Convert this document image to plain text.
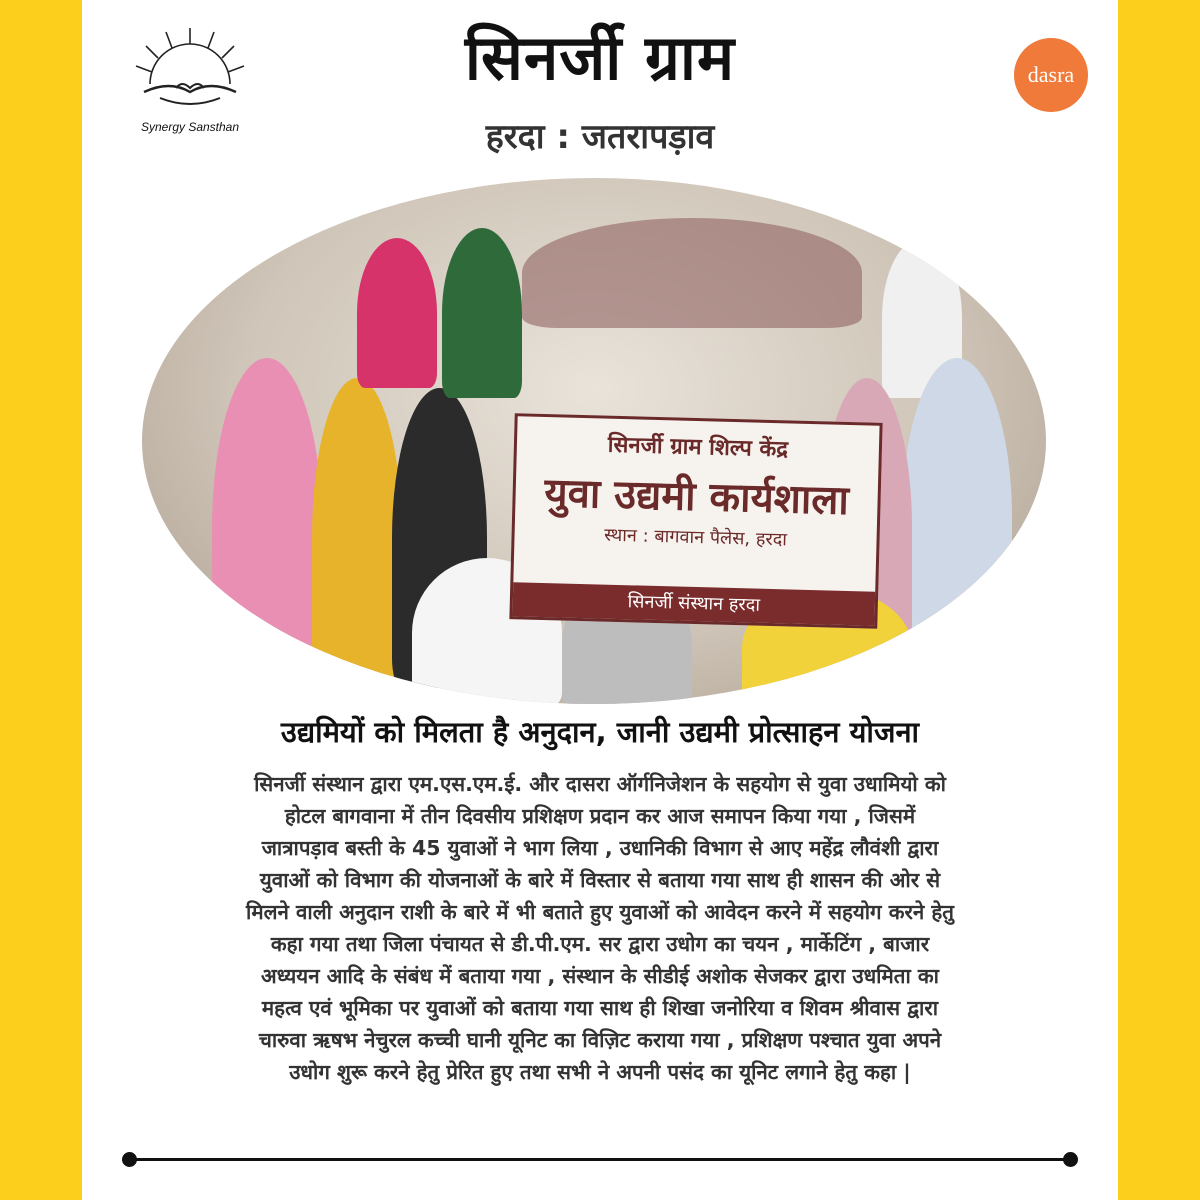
Synergy Sansthan
सिनर्जी ग्राम
हरदा : जतरापड़ाव
dasra
सिनर्जी ग्राम शिल्प केंद्र
युवा उद्यमी कार्यशाला
स्थान : बागवान पैलेस, हरदा
सिनर्जी संस्थान हरदा
उद्यमियों को मिलता है अनुदान, जानी उद्यमी प्रोत्साहन योजना
सिनर्जी संस्थान द्वारा एम.एस.एम.ई. और दासरा ऑर्गनिजेशन के सहयोग से युवा उधामियो को
होटल बागवाना में तीन दिवसीय प्रशिक्षण प्रदान कर आज समापन किया गया , जिसमें
जात्रापड़ाव बस्ती के 45 युवाओं ने भाग लिया , उधानिकी विभाग से आए महेंद्र लौवंशी द्वारा
युवाओं को विभाग की योजनाओं के बारे में विस्तार से बताया गया साथ ही शासन की ओर से
मिलने वाली अनुदान राशी के बारे में भी बताते हुए युवाओं को आवेदन करने में सहयोग करने हेतु
कहा गया तथा जिला पंचायत से डी.पी.एम. सर द्वारा उधोग का चयन , मार्केटिंग , बाजार
अध्ययन आदि के संबंध में बताया गया , संस्थान के सीडीई अशोक सेजकर द्वारा उधमिता का
महत्व एवं भूमिका पर युवाओं को बताया गया साथ ही शिखा जनोरिया व शिवम श्रीवास द्वारा
चारुवा ऋषभ नेचुरल कच्ची घानी यूनिट का विज़िट कराया गया , प्रशिक्षण पश्चात युवा अपने
उधोग शुरू करने हेतु प्रेरित हुए तथा सभी ने अपनी पसंद का यूनिट लगाने हेतु कहा |
